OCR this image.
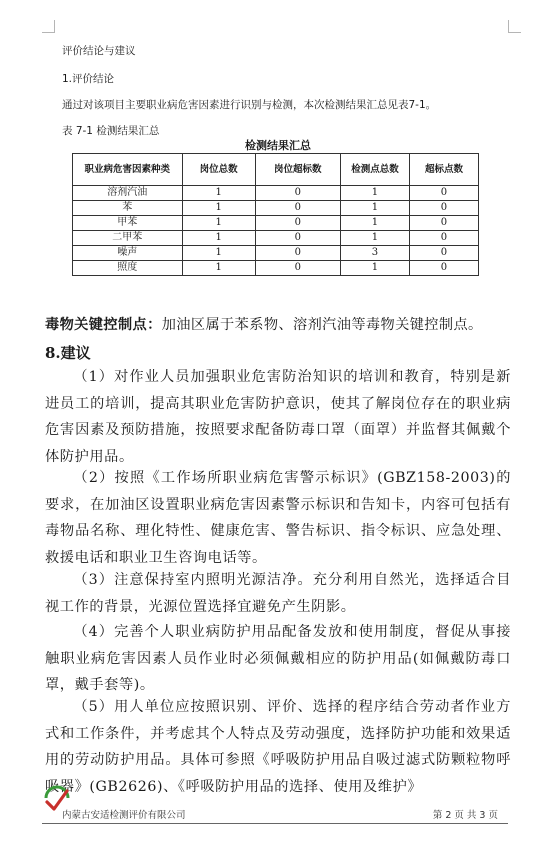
评价结论与建议
1.评价结论
通过对该项目主要职业病危害因素进行识别与检测，本次检测结果汇总见表7-1。
表 7-1 检测结果汇总
检测结果汇总
职业病危害因素种类	岗位总数	岗位超标数	检测点总数	超标点数
溶剂汽油	1	0	1	0
苯	1	0	1	0
甲苯	1	0	1	0
二甲苯	1	0	1	0
噪声	1	0	3	0
照度	1	0	1	0
毒物关键控制点：加油区属于苯系物、溶剂汽油等毒物关键控制点。
8.建议
（1）对作业人员加强职业危害防治知识的培训和教育，特别是新进员工的培训，提高其职业危害防护意识，使其了解岗位存在的职业病危害因素及预防措施，按照要求配备防毒口罩（面罩）并监督其佩戴个体防护用品。
（2）按照《工作场所职业病危害警示标识》(GBZ158-2003)的要求，在加油区设置职业病危害因素警示标识和告知卡，内容可包括有毒物品名称、理化特性、健康危害、警告标识、指令标识、应急处理、救援电话和职业卫生咨询电话等。
（3）注意保持室内照明光源洁净。充分利用自然光，选择适合目视工作的背景，光源位置选择宜避免产生阴影。
（4）完善个人职业病防护用品配备发放和使用制度，督促从事接触职业病危害因素人员作业时必须佩戴相应的防护用品(如佩戴防毒口罩，戴手套等)。
（5）用人单位应按照识别、评价、选择的程序结合劳动者作业方式和工作条件，并考虑其个人特点及劳动强度，选择防护功能和效果适用的劳动防护用品。具体可参照《呼吸防护用品自吸过滤式防颗粒物呼吸器》(GB2626)、《呼吸防护用品的选择、使用及维护》
内蒙古安适检测评价有限公司	第 2 页 共 3 页
